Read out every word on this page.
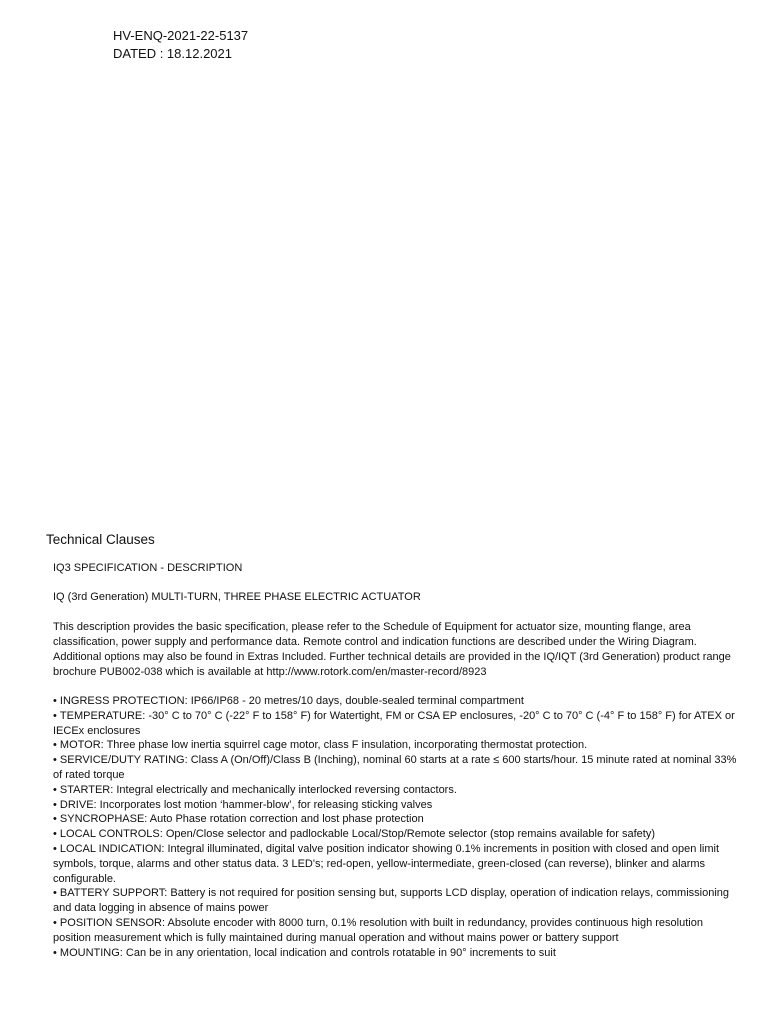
HV-ENQ-2021-22-5137
DATED : 18.12.2021
Technical Clauses
IQ3 SPECIFICATION - DESCRIPTION
IQ (3rd Generation) MULTI-TURN, THREE PHASE ELECTRIC ACTUATOR

This description provides the basic specification, please refer to the Schedule of Equipment for actuator size, mounting flange, area classification, power supply and performance data. Remote control and indication functions are described under the Wiring Diagram. Additional options may also be found in Extras Included. Further technical details are provided in the IQ/IQT (3rd Generation) product range brochure PUB002-038 which is available at http://www.rotork.com/en/master-record/8923

• INGRESS PROTECTION: IP66/IP68 - 20 metres/10 days, double-sealed terminal compartment
• TEMPERATURE: -30° C to 70° C (-22° F to 158° F) for Watertight, FM or CSA EP enclosures, -20° C to 70° C (-4° F to 158° F) for ATEX or IECEx enclosures
• MOTOR: Three phase low inertia squirrel cage motor, class F insulation, incorporating thermostat protection.
• SERVICE/DUTY RATING: Class A (On/Off)/Class B (Inching), nominal 60 starts at a rate ≤ 600 starts/hour. 15 minute rated at nominal 33% of rated torque
• STARTER: Integral electrically and mechanically interlocked reversing contactors.
• DRIVE: Incorporates lost motion ‘hammer-blow’, for releasing sticking valves
• SYNCROPHASE: Auto Phase rotation correction and lost phase protection
• LOCAL CONTROLS: Open/Close selector and padlockable Local/Stop/Remote selector (stop remains available for safety)
• LOCAL INDICATION: Integral illuminated, digital valve position indicator showing 0.1% increments in position with closed and open limit symbols, torque, alarms and other status data. 3 LED's; red-open, yellow-intermediate, green-closed (can reverse), blinker and alarms configurable.
• BATTERY SUPPORT: Battery is not required for position sensing but, supports LCD display, operation of indication relays, commissioning and data logging in absence of mains power
• POSITION SENSOR: Absolute encoder with 8000 turn, 0.1% resolution with built in redundancy, provides continuous high resolution position measurement which is fully maintained during manual operation and without mains power or battery support
• MOUNTING: Can be in any orientation, local indication and controls rotatable in 90° increments to suit
